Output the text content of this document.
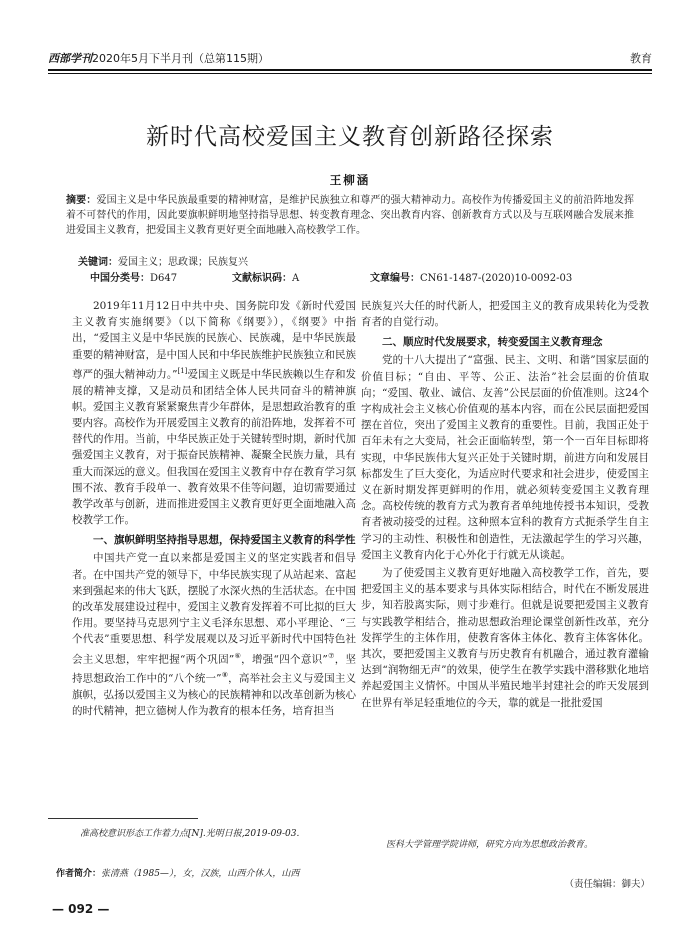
西部学刊2020年5月下半月刊（总第115期）	教育
新时代高校爱国主义教育创新路径探索
王柳涵
摘要：爱国主义是中华民族最重要的精神财富，是维护民族独立和尊严的强大精神动力。高校作为传播爱国主义的前沿阵地发挥着不可替代的作用，因此要旗帜鲜明地坚持指导思想、转变教育理念、突出教育内容、创新教育方式以及与互联网融合发展来推进爱国主义教育，把爱国主义教育更好更全面地融入高校教学工作。
关键词：爱国主义；思政课；民族复兴
中国分类号：D647	文献标识码：A	文章编号：CN61-1487-(2020)10-0092-03

2019年11月12日中共中央、国务院印发《新时代爱国主义教育实施纲要》（以下简称《纲要》），《纲要》中指出，“爱国主义是中华民族的民族心、民族魂，是中华民族最重要的精神财富，是中国人民和中华民族维护民族独立和民族尊严的强大精神动力。”[1]爱国主义既是中华民族赖以生存和发展的精神支撑，又是动员和团结全体人民共同奋斗的精神旗帜。爱国主义教育紧紧聚焦青少年群体，是思想政治教育的重要内容。高校作为开展爱国主义教育的前沿阵地，发挥着不可替代的作用。当前，中华民族正处于关键转型时期，新时代加强爱国主义教育，对于振奋民族精神、凝聚全民族力量，具有重大而深远的意义。但我国在爱国主义教育中存在教育学习氛围不浓、教育手段单一、教育效果不佳等问题，迫切需要通过教学改革与创新，进而推进爱国主义教育更好更全面地融入高校教学工作。

一、旗帜鲜明坚持指导思想，保持爱国主义教育的科学性

中国共产党一直以来都是爱国主义的坚定实践者和倡导者。在中国共产党的领导下，中华民族实现了从站起来、富起来到强起来的伟大飞跃，摆脱了水深火热的生活状态。在中国的改革发展建设过程中，爱国主义教育发挥着不可比拟的巨大作用。要坚持马克思列宁主义毛泽东思想、邓小平理论、“三个代表”重要思想、科学发展观以及习近平新时代中国特色社会主义思想，牢牢把握“两个巩固”⑥，增强“四个意识”⑦，坚持思想政治工作中的“八个统一”⑧，高举社会主义与爱国主义旗帜，弘扬以爱国主义为核心的民族精神和以改革创新为核心的时代精神，把立德树人作为教育的根本任务，培育担当

民族复兴大任的时代新人，把爱国主义的教育成果转化为受教育者的自觉行动。

二、顺应时代发展要求，转变爱国主义教育理念

党的十八大提出了“富强、民主、文明、和谐”国家层面的价值目标；“自由、平等、公正、法治”社会层面的价值取向；“爱国、敬业、诚信、友善”公民层面的价值准则。这24个字构成社会主义核心价值观的基本内容，而在公民层面把爱国摆在首位，突出了爱国主义教育的重要性。目前，我国正处于百年未有之大变局，社会正面临转型，第一个一百年目标即将实现，中华民族伟大复兴正处于关键时期，前进方向和发展目标都发生了巨大变化，为适应时代要求和社会进步，使爱国主义在新时期发挥更鲜明的作用，就必须转变爱国主义教育理念。高校传统的教育方式为教育者单纯地传授书本知识，受教育者被动接受的过程。这种照本宣科的教育方式扼杀学生自主学习的主动性、积极性和创造性，无法激起学生的学习兴趣，爱国主义教育内化于心外化于行就无从谈起。

为了使爱国主义教育更好地融入高校教学工作，首先，要把爱国主义的基本要求与具体实际相结合，时代在不断发展进步，知若股离实际，则寸步难行。但就是说要把爱国主义教育与实践教学相结合，推动思想政治理论课堂创新性改革，充分发挥学生的主体作用，使教育客体主体化、教育主体客体化。其次，要把爱国主义教育与历史教育有机融合，通过教育灌输达到“润物细无声”的效果，使学生在教学实践中潜移默化地培养起爱国主义情怀。中国从半殖民地半封建社会的昨天发展到在世界有举足轻重地位的今天，靠的就是一批批爱国

准高校意识形态工作着力点[N].光明日报,2019-09-03.
医科大学管理学院讲师，研究方向为思想政治教育。
作者简介：张清燕（1985—），女，汉族，山西介休人，山西
（责任编辑：御夫）
— 092 —
